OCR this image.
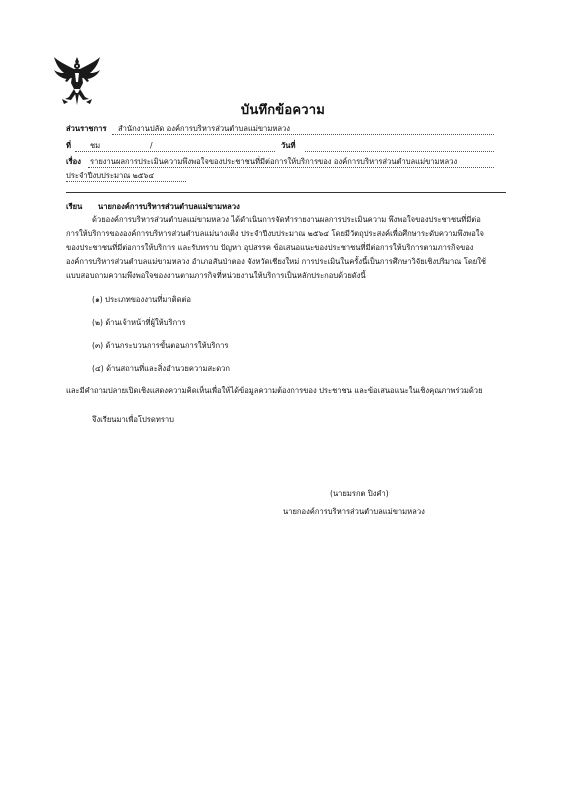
บันทึกข้อความ
ส่วนราชการ สำนักงานปลัด องค์การบริหารส่วนตำบลแม่ขามหลวง
ที่ ชม	/	วันที่
เรื่อง รายงานผลการประเมินความพึงพอใจของประชาชนที่มีต่อการให้บริการของ องค์การบริหารส่วนตำบลแม่ขามหลวง
ประจำปีงบประมาณ ๒๕๖๔
เรียน นายกองค์การบริหารส่วนตำบลแม่ขามหลวง
ด้วยองค์การบริหารส่วนตำบลแม่ขามหลวง ได้ดำเนินการจัดทำรายงานผลการประเมินความ พึงพอใจของประชาชนที่มีต่อ
การให้บริการขององค์การบริหารส่วนตำบลแม่นางเติง ประจำปีงบประมาณ ๒๕๖๔ โดยมีวัตถุประสงค์เพื่อศึกษาระดับความพึงพอใจ
ของประชาชนที่มีต่อการให้บริการ และรับทราบ ปัญหา อุปสรรค ข้อเสนอแนะของประชาชนที่มีต่อการให้บริการตามภารกิจของ
องค์การบริหารส่วนตำบลแม่ขามหลวง อำเภอสันป่าตอง จังหวัดเชียงใหม่ การประเมินในครั้งนี้เป็นการศึกษาวิจัยเชิงปริมาณ โดยใช้
แบบสอบถามความพึงพอใจของงานตามภารกิจที่หน่วยงานให้บริการเป็นหลักประกอบด้วยดังนี้
(๑) ประเภทของงานที่มาติดต่อ
(๒) ด้านเจ้าหน้าที่ผู้ให้บริการ
(๓) ด้านกระบวนการขั้นตอนการให้บริการ
(๔) ด้านสถานที่และสิ่งอำนวยความสะดวก
และมีคำถามปลายเปิดเชิงแสดงความคิดเห็นเพื่อให้ได้ข้อมูลความต้องการของ ประชาชน และข้อเสนอแนะในเชิงคุณภาพร่วมด้วย
จึงเรียนมาเพื่อโปรดทราบ
(นายมรกต ปิงคำ)
นายกองค์การบริหารส่วนตำบลแม่ขามหลวง
